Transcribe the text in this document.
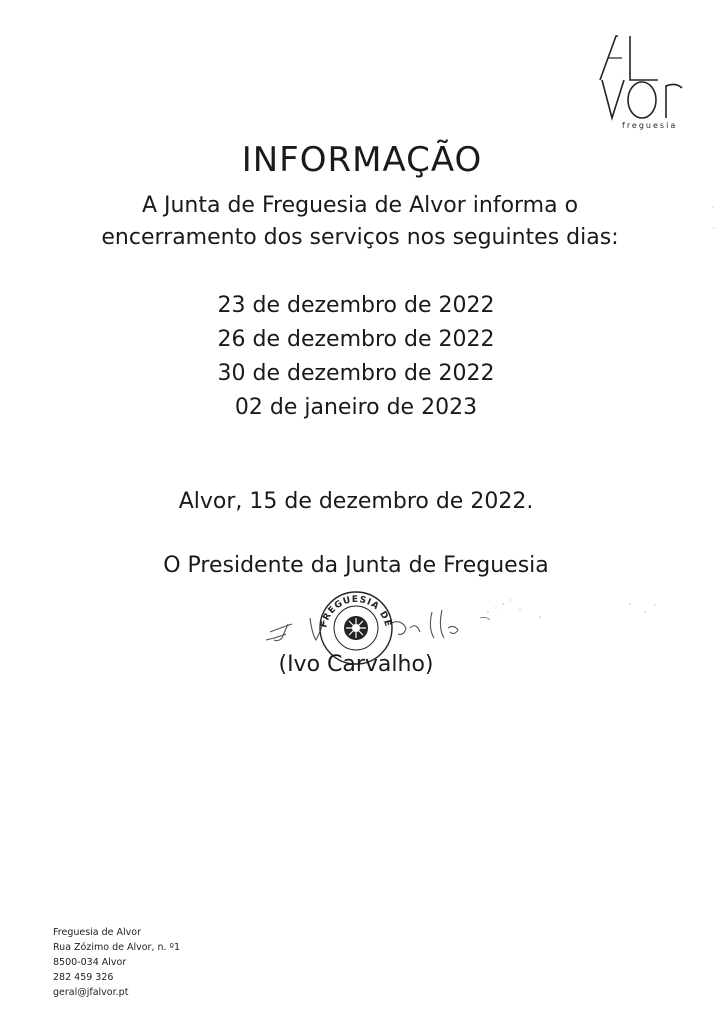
freguesia
INFORMAÇÃO
A Junta de Freguesia de Alvor informa o
encerramento dos serviços nos seguintes dias:
23 de dezembro de 2022
26 de dezembro de 2022
30 de dezembro de 2022
02 de janeiro de 2023
Alvor, 15 de dezembro de 2022.
O Presidente da Junta de Freguesia
FREGUESIA DE
(Ivo Carvalho)
Freguesia de Alvor
Rua Zózimo de Alvor, n. º1
8500-034 Alvor
282 459 326
geral@jfalvor.pt
